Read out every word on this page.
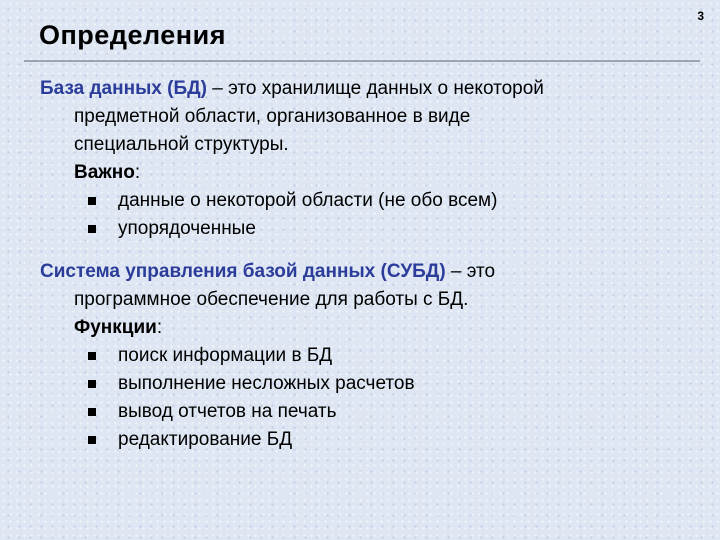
3
Определения
База данных (БД) – это хранилище данных о некоторой
предметной области, организованное в виде
специальной структуры.
Важно:
данные о некоторой области (не обо всем)
упорядоченные
Система управления базой данных (СУБД) – это
программное обеспечение для работы с БД.
Функции:
поиск информации в БД
выполнение несложных расчетов
вывод отчетов на печать
редактирование БД
